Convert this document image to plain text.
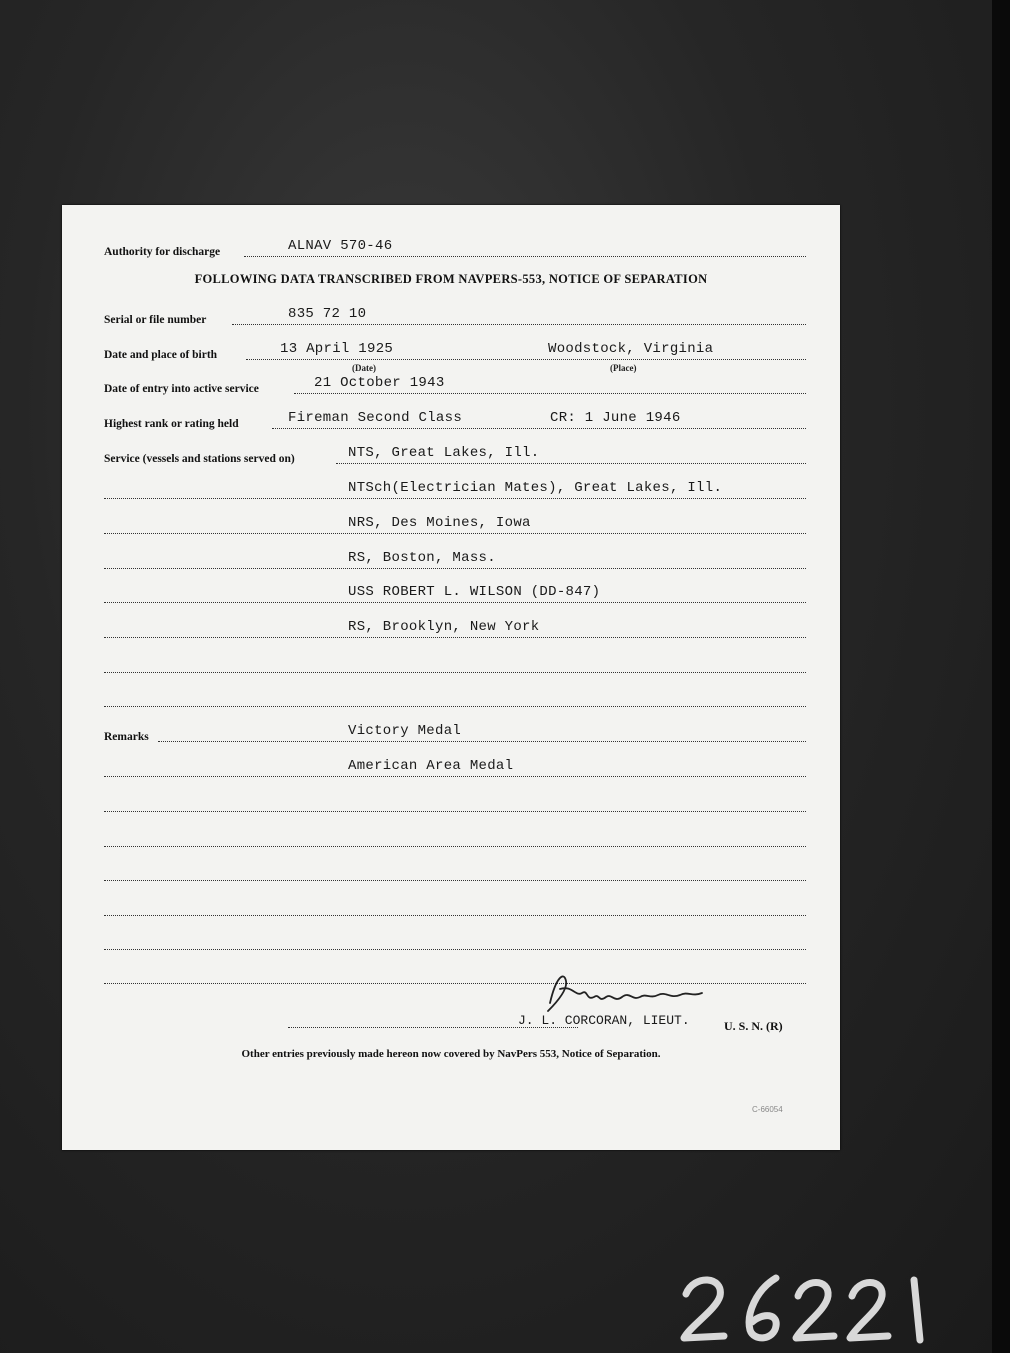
Authority for discharge	ALNAV 570-46
FOLLOWING DATA TRANSCRIBED FROM NAVPERS-553, NOTICE OF SEPARATION
Serial or file number	835 72 10
Date and place of birth	13 April 1925	Woodstock, Virginia
(Date)	(Place)
Date of entry into active service	21 October 1943
Highest rank or rating held	Fireman Second Class	CR: 1 June 1946
Service (vessels and stations served on)	NTS, Great Lakes, Ill.
NTSch(Electrician Mates), Great Lakes, Ill.
NRS, Des Moines, Iowa
RS, Boston, Mass.
USS ROBERT L. WILSON (DD-847)
RS, Brooklyn, New York
Remarks	Victory Medal
American Area Medal
J. L. CORCORAN, LIEUT.	U. S. N. (R)
Other entries previously made hereon now covered by NavPers 553, Notice of Separation.
C-66054
